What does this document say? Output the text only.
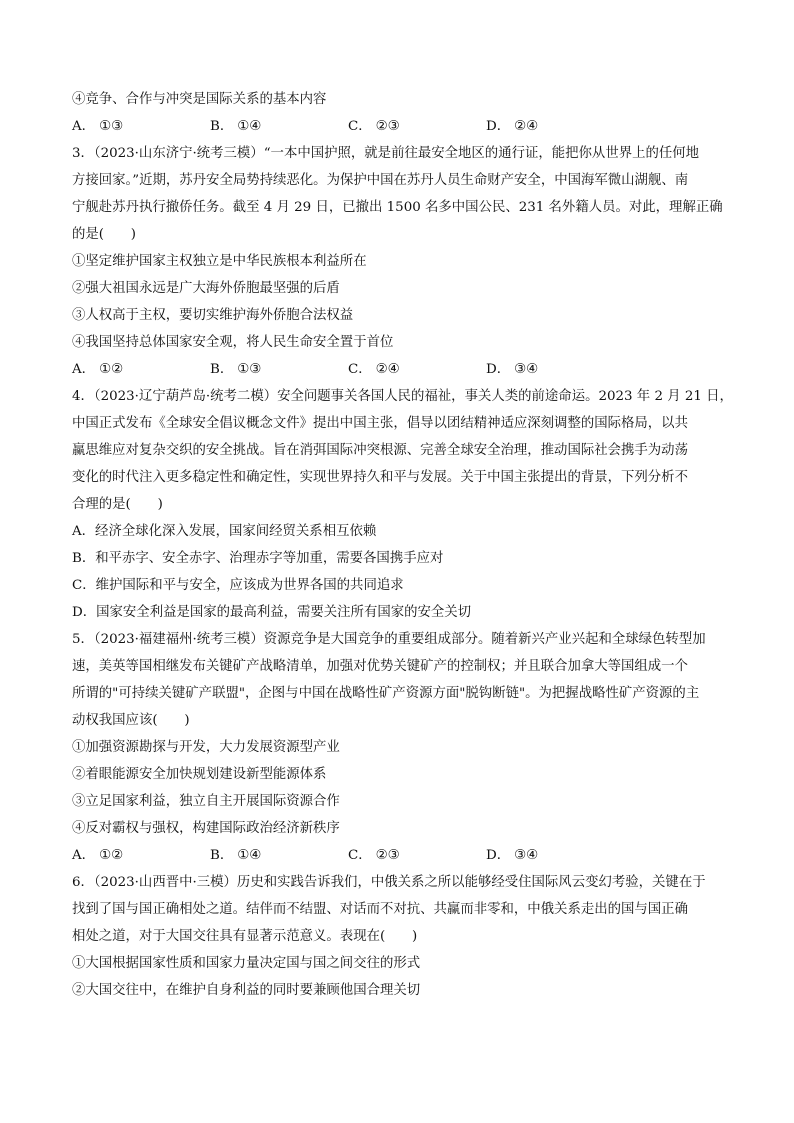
④竞争、合作与冲突是国际关系的基本内容
A． ①③	B． ①④	C． ②③	D． ②④
3．（2023·山东济宁·统考三模）“一本中国护照，就是前往最安全地区的通行证，能把你从世界上的任何地
方接回家。”近期，苏丹安全局势持续恶化。为保护中国在苏丹人员生命财产安全，中国海军微山湖舰、南
宁舰赴苏丹执行撤侨任务。截至 4 月 29 日，已撤出 1500 名多中国公民、231 名外籍人员。对此，理解正确
的是(　　)
①坚定维护国家主权独立是中华民族根本利益所在
②强大祖国永远是广大海外侨胞最坚强的后盾
③人权高于主权，要切实维护海外侨胞合法权益
④我国坚持总体国家安全观，将人民生命安全置于首位
A． ①②	B． ①③	C． ②④	D． ③④
4．（2023·辽宁葫芦岛·统考二模）安全问题事关各国人民的福祉，事关人类的前途命运。2023 年 2 月 21 日，
中国正式发布《全球安全倡议概念文件》提出中国主张，倡导以团结精神适应深刻调整的国际格局，以共
赢思维应对复杂交织的安全挑战。旨在消弭国际冲突根源、完善全球安全治理，推动国际社会携手为动荡
变化的时代注入更多稳定性和确定性，实现世界持久和平与发展。关于中国主张提出的背景，下列分析不
合理的是(　　)
A．经济全球化深入发展，国家间经贸关系相互依赖
B．和平赤字、安全赤字、治理赤字等加重，需要各国携手应对
C．维护国际和平与安全，应该成为世界各国的共同追求
D．国家安全利益是国家的最高利益，需要关注所有国家的安全关切
5．（2023·福建福州·统考三模）资源竞争是大国竞争的重要组成部分。随着新兴产业兴起和全球绿色转型加
速，美英等国相继发布关键矿产战略清单，加强对优势关键矿产的控制权；并且联合加拿大等国组成一个
所谓的"可持续关键矿产联盟"，企图与中国在战略性矿产资源方面"脱钩断链"。为把握战略性矿产资源的主
动权我国应该(　　)
①加强资源勘探与开发，大力发展资源型产业
②着眼能源安全加快规划建设新型能源体系
③立足国家利益，独立自主开展国际资源合作
④反对霸权与强权，构建国际政治经济新秩序
A． ①②	B． ①④	C． ②③	D． ③④
6．（2023·山西晋中·三模）历史和实践告诉我们，中俄关系之所以能够经受住国际风云变幻考验，关键在于
找到了国与国正确相处之道。结伴而不结盟、对话而不对抗、共赢而非零和，中俄关系走出的国与国正确
相处之道，对于大国交往具有显著示范意义。表现在(　　)
①大国根据国家性质和国家力量决定国与国之间交往的形式
②大国交往中，在维护自身利益的同时要兼顾他国合理关切
